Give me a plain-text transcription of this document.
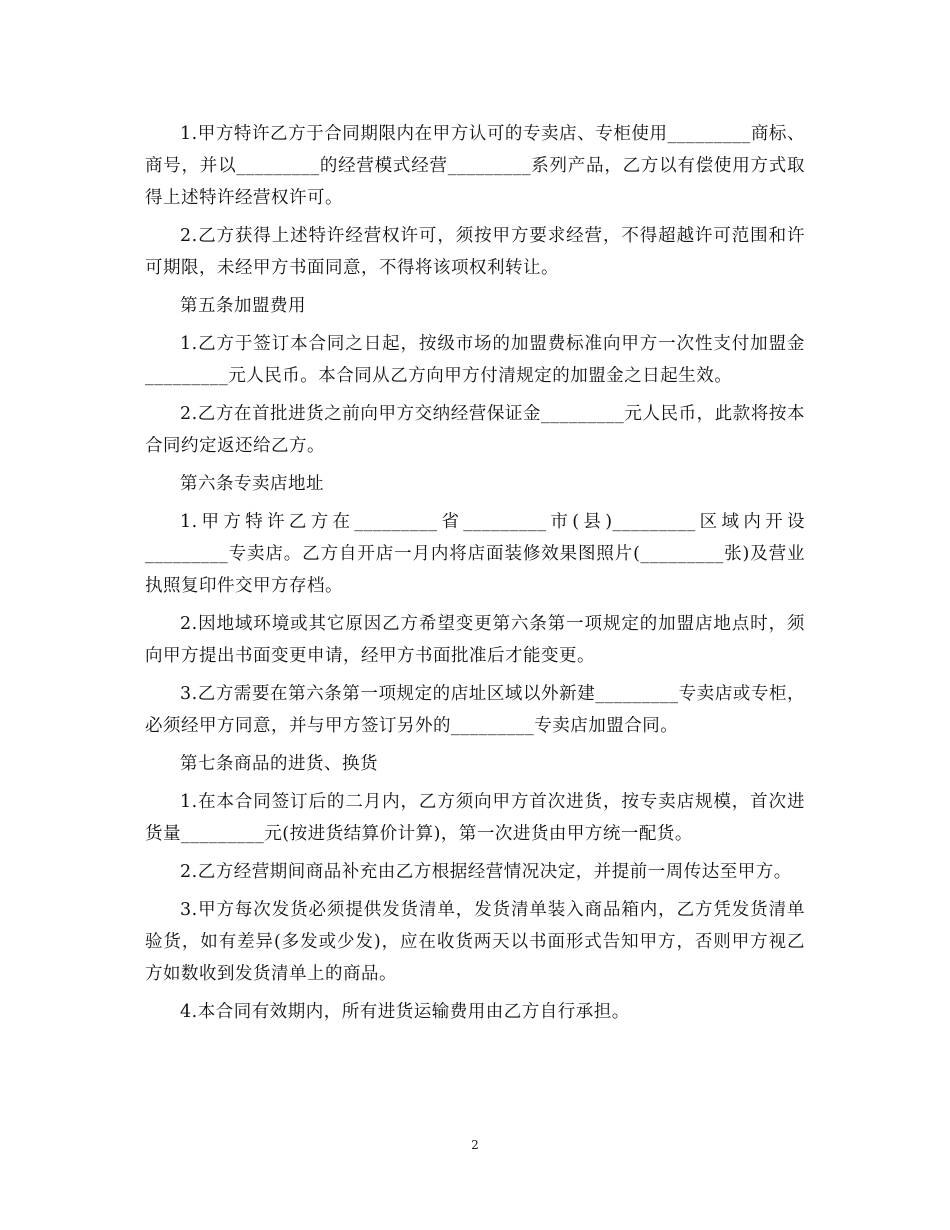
1.甲方特许乙方于合同期限内在甲方认可的专卖店、专柜使用_________商标、商号，并以_________的经营模式经营_________系列产品，乙方以有偿使用方式取得上述特许经营权许可。

2.乙方获得上述特许经营权许可，须按甲方要求经营，不得超越许可范围和许可期限，未经甲方书面同意，不得将该项权利转让。

第五条加盟费用

1.乙方于签订本合同之日起，按级市场的加盟费标准向甲方一次性支付加盟金_________元人民币。本合同从乙方向甲方付清规定的加盟金之日起生效。

2.乙方在首批进货之前向甲方交纳经营保证金_________元人民币，此款将按本合同约定返还给乙方。

第六条专卖店地址

1.甲方特许乙方在_________省_________市(县)_________区域内开设_________专卖店。乙方自开店一月内将店面装修效果图照片(_________张)及营业执照复印件交甲方存档。

2.因地域环境或其它原因乙方希望变更第六条第一项规定的加盟店地点时，须向甲方提出书面变更申请，经甲方书面批准后才能变更。

3.乙方需要在第六条第一项规定的店址区域以外新建_________专卖店或专柜，必须经甲方同意，并与甲方签订另外的_________专卖店加盟合同。

第七条商品的进货、换货

1.在本合同签订后的二月内，乙方须向甲方首次进货，按专卖店规模，首次进货量_________元(按进货结算价计算)，第一次进货由甲方统一配货。

2.乙方经营期间商品补充由乙方根据经营情况决定，并提前一周传达至甲方。

3.甲方每次发货必须提供发货清单，发货清单装入商品箱内，乙方凭发货清单验货，如有差异(多发或少发)，应在收货两天以书面形式告知甲方，否则甲方视乙方如数收到发货清单上的商品。

4.本合同有效期内，所有进货运输费用由乙方自行承担。

2
